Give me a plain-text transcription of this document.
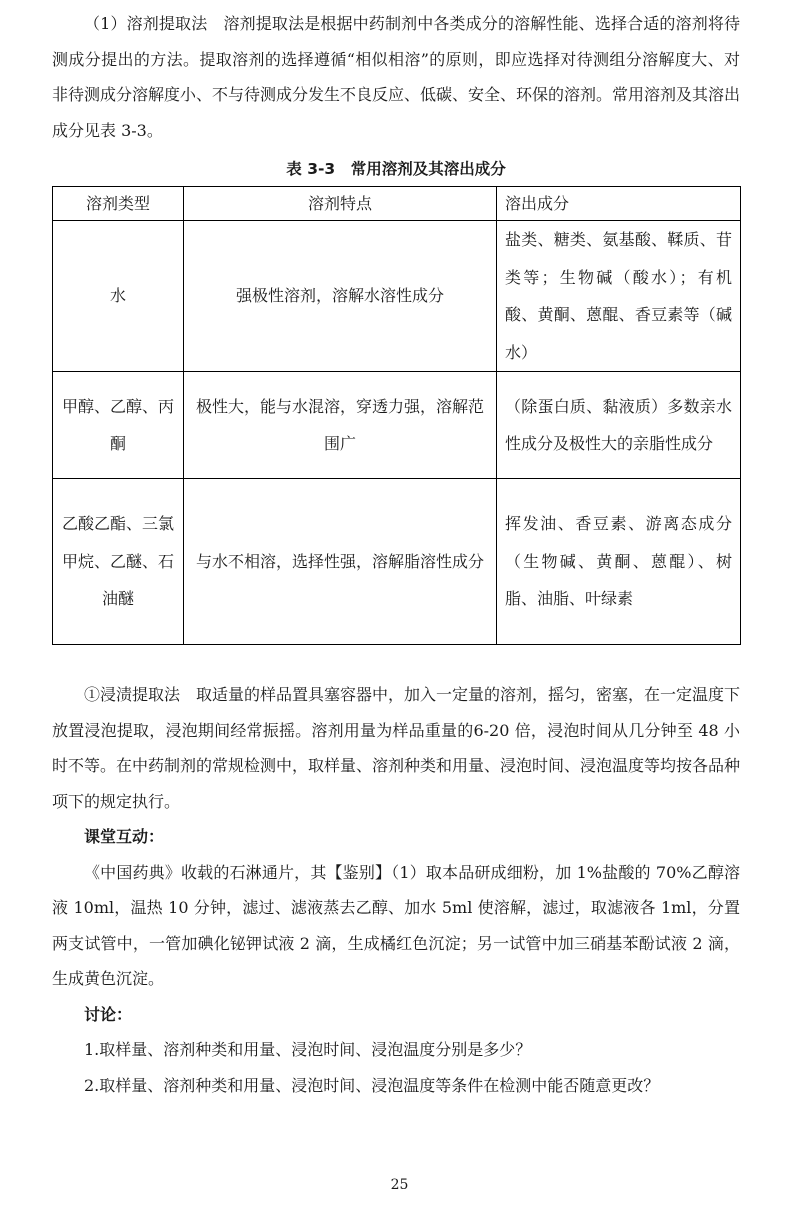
（1）溶剂提取法　溶剂提取法是根据中药制剂中各类成分的溶解性能、选择合适的溶剂将待测成分提出的方法。提取溶剂的选择遵循“相似相溶”的原则，即应选择对待测组分溶解度大、对非待测成分溶解度小、不与待测成分发生不良反应、低碳、安全、环保的溶剂。常用溶剂及其溶出成分见表 3-3。

表 3-3　常用溶剂及其溶出成分
溶剂类型	溶剂特点	溶出成分
水	强极性溶剂，溶解水溶性成分	盐类、糖类、氨基酸、鞣质、苷类等；生物碱（酸水）；有机酸、黄酮、蒽醌、香豆素等（碱水）
甲醇、乙醇、丙酮	极性大，能与水混溶，穿透力强，溶解范围广	（除蛋白质、黏液质）多数亲水性成分及极性大的亲脂性成分
乙酸乙酯、三氯甲烷、乙醚、石油醚	与水不相溶，选择性强，溶解脂溶性成分	挥发油、香豆素、游离态成分（生物碱、黄酮、蒽醌）、树脂、油脂、叶绿素

①浸渍提取法　取适量的样品置具塞容器中，加入一定量的溶剂，摇匀，密塞，在一定温度下放置浸泡提取，浸泡期间经常振摇。溶剂用量为样品重量的6-20 倍，浸泡时间从几分钟至 48 小时不等。在中药制剂的常规检测中，取样量、溶剂种类和用量、浸泡时间、浸泡温度等均按各品种项下的规定执行。

课堂互动：

《中国药典》收载的石淋通片，其【鉴别】（1）取本品研成细粉，加 1%盐酸的 70%乙醇溶液 10ml，温热 10 分钟，滤过、滤液蒸去乙醇、加水 5ml 使溶解，滤过，取滤液各 1ml，分置两支试管中，一管加碘化铋钾试液 2 滴，生成橘红色沉淀；另一试管中加三硝基苯酚试液 2 滴，生成黄色沉淀。

讨论：

1.取样量、溶剂种类和用量、浸泡时间、浸泡温度分别是多少？

2.取样量、溶剂种类和用量、浸泡时间、浸泡温度等条件在检测中能否随意更改？

25
